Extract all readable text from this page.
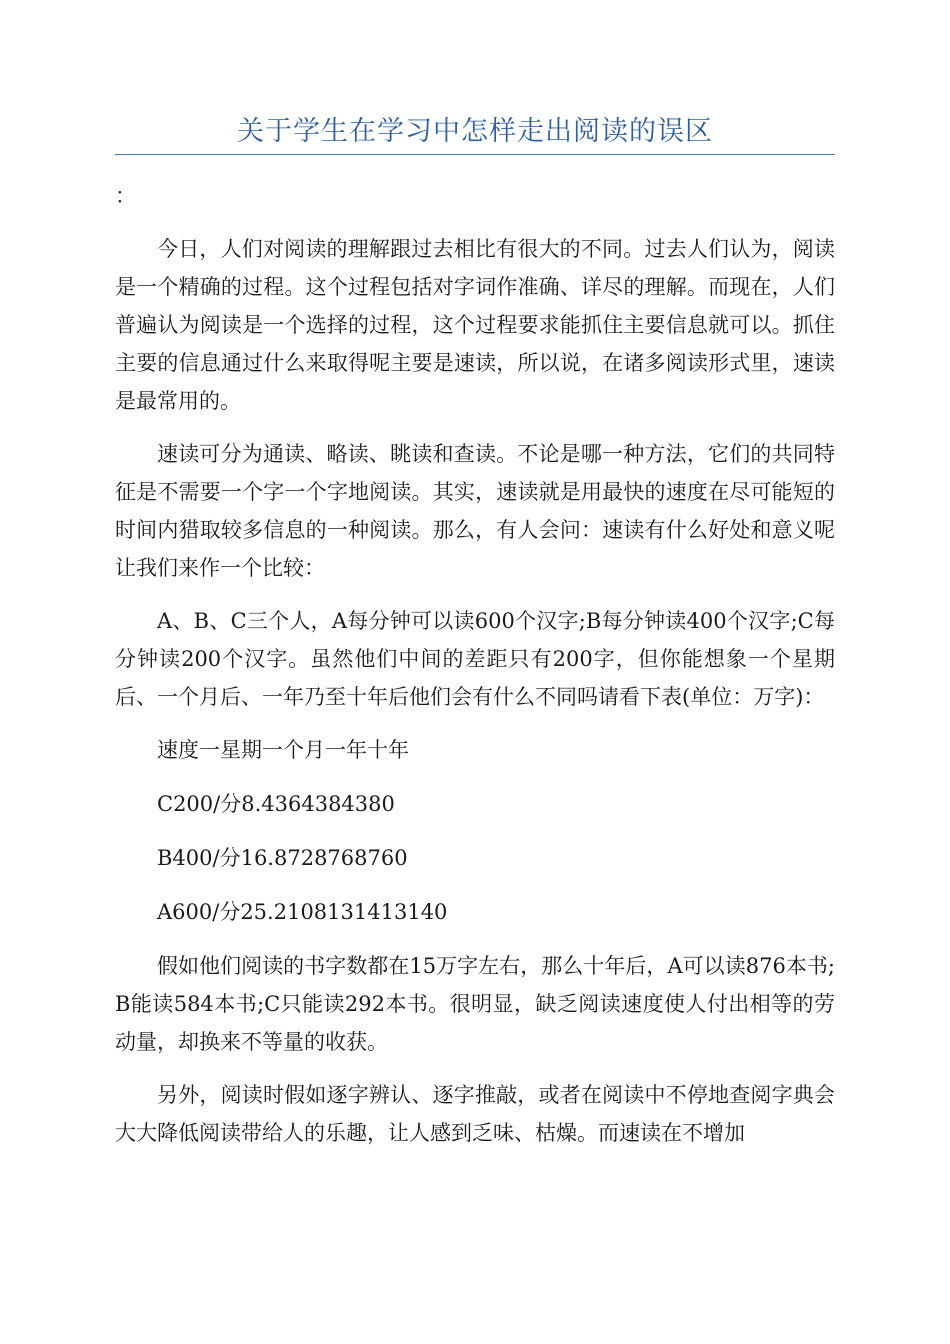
关于学生在学习中怎样走出阅读的误区
：

今日，人们对阅读的理解跟过去相比有很大的不同。过去人们认为，阅读是一个精确的过程。这个过程包括对字词作准确、详尽的理解。而现在，人们普遍认为阅读是一个选择的过程，这个过程要求能抓住主要信息就可以。抓住主要的信息通过什么来取得呢主要是速读，所以说，在诸多阅读形式里，速读是最常用的。

速读可分为通读、略读、眺读和查读。不论是哪一种方法，它们的共同特征是不需要一个字一个字地阅读。其实，速读就是用最快的速度在尽可能短的时间内猎取较多信息的一种阅读。那么，有人会问：速读有什么好处和意义呢让我们来作一个比较：

A、B、C三个人，A每分钟可以读600个汉字;B每分钟读400个汉字;C每分钟读200个汉字。虽然他们中间的差距只有200字，但你能想象一个星期后、一个月后、一年乃至十年后他们会有什么不同吗请看下表(单位：万字)：

速度一星期一个月一年十年

C200/分8.4364384380

B400/分16.8728768760

A600/分25.2108131413140

假如他们阅读的书字数都在15万字左右，那么十年后，A可以读876本书;B能读584本书;C只能读292本书。很明显，缺乏阅读速度使人付出相等的劳动量，却换来不等量的收获。

另外，阅读时假如逐字辨认、逐字推敲，或者在阅读中不停地查阅字典会大大降低阅读带给人的乐趣，让人感到乏味、枯燥。而速读在不增加
